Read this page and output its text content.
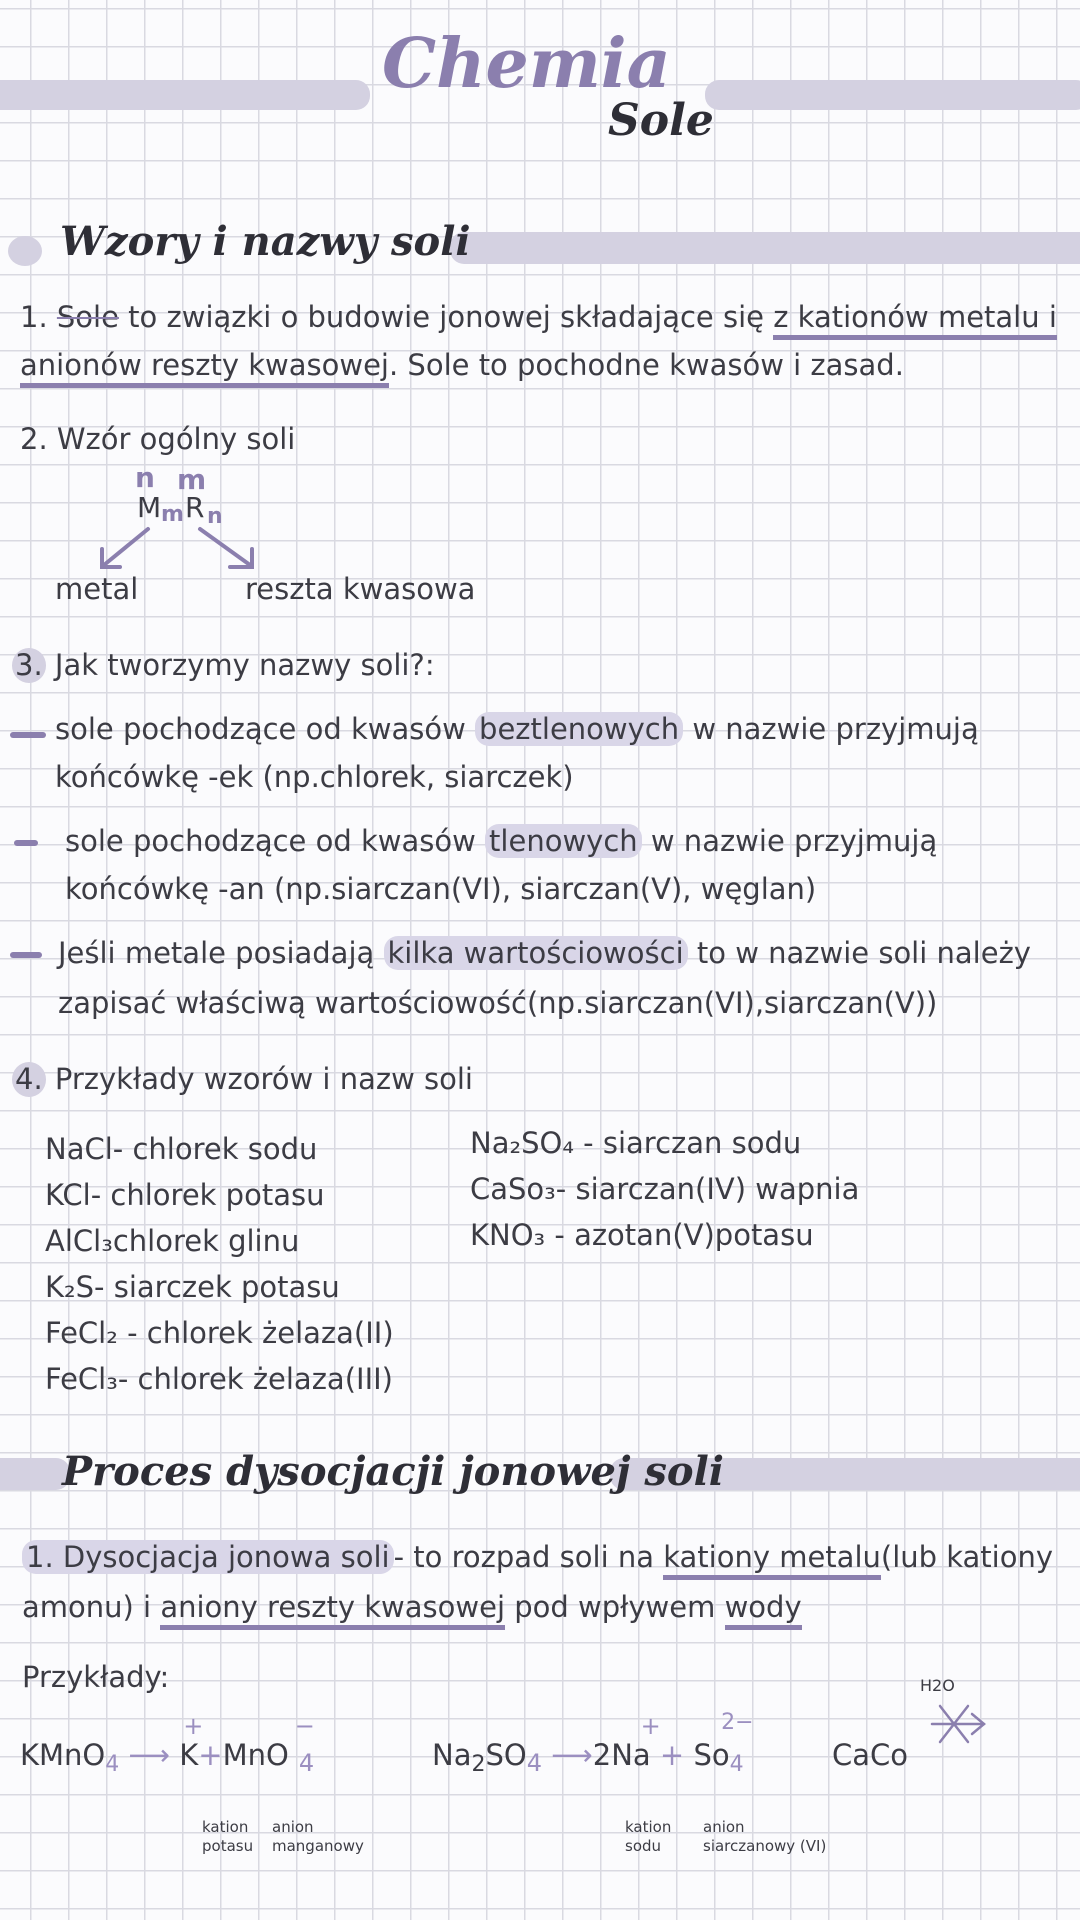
Chemia
Sole
Wzory i nazwy soli
1. Sole to związki o budowie jonowej składające się z kationów metalu i
anionów reszty kwasowej. Sole to pochodne kwasów i zasad.
2. Wzór ogólny soli
n m
M m R n
metal	reszta kwasowa
3. Jak tworzymy nazwy soli?:
sole pochodzące od kwasów beztlenowych w nazwie przyjmują
końcówkę -ek (np.chlorek, siarczek)
sole pochodzące od kwasów tlenowych w nazwie przyjmują
końcówkę -an (np.siarczan(VI), siarczan(V), węglan)
Jeśli metale posiadają kilka wartościowości to w nazwie soli należy
zapisać właściwą wartościowość(np.siarczan(VI),siarczan(V))
4. Przykłady wzorów i nazw soli
NaCl- chlorek sodu
KCl- chlorek potasu
AlCl₃chlorek glinu
K₂S- siarczek potasu
FeCl₂ - chlorek żelaza(II)
FeCl₃- chlorek żelaza(III)
Na₂SO₄ - siarczan sodu
CaSo₃- siarczan(IV) wapnia
KNO₃ - azotan(V)potasu
Proces dysocjacji jonowej soli
1. Dysocjacja jonowa soli - to rozpad soli na kationy metalu(lub kationy
amonu) i aniony reszty kwasowej pod wpływem wody
Przykłady:
KMnO$_4$ ⟶ K
+
+MnO
−
$_4$
kation
potasu
anion
manganowy
$Na_2SO_4$ ⟶2Na
+
+ $So_4$
2−
kation
sodu
anion
siarczanowy (VI)
CaCo
H2O
